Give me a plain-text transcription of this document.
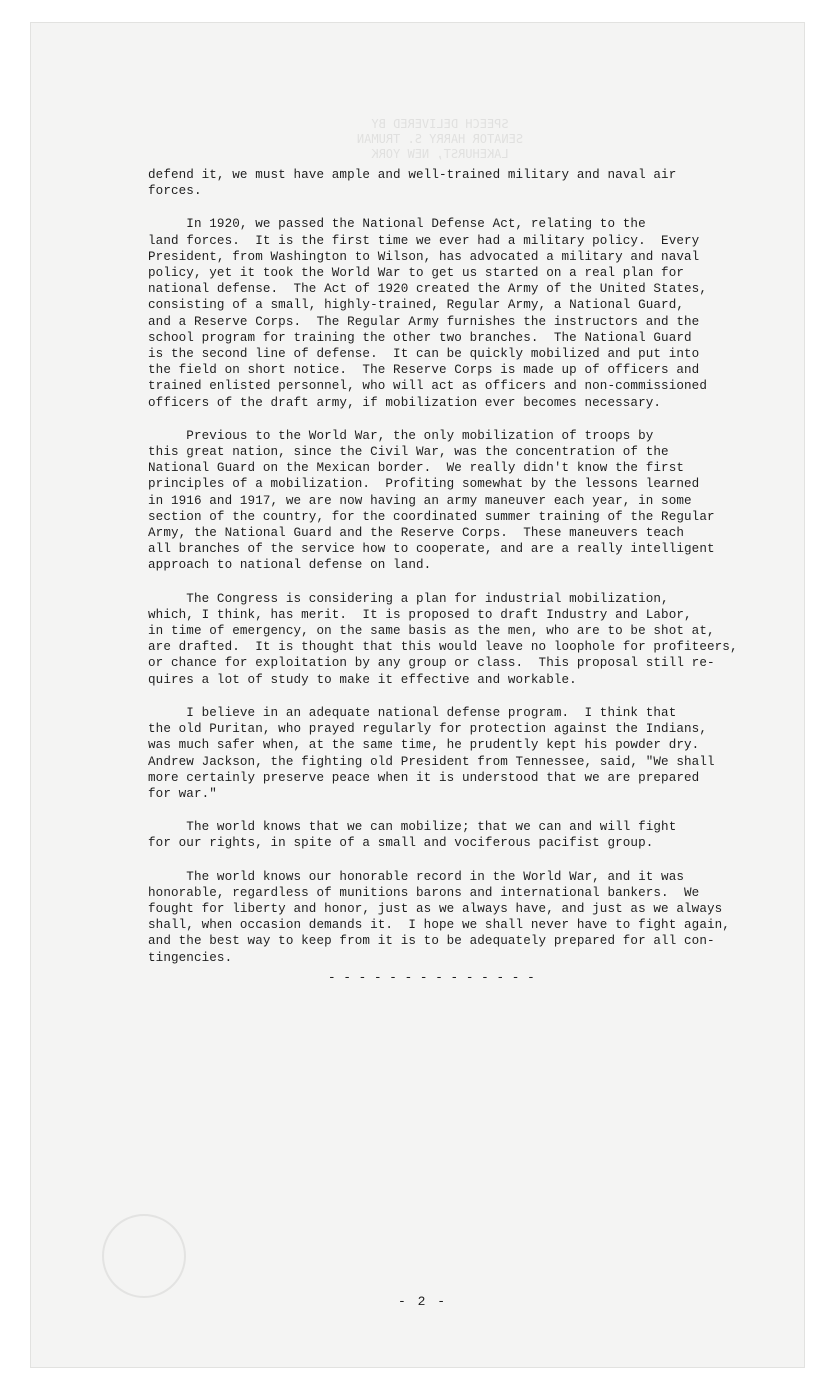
SPEECH DELIVERED BY
SENATOR HARRY S. TRUMAN
LAKEHURST, NEW YORK

defend it, we must have ample and well-trained military and naval air
forces.

In 1920, we passed the National Defense Act, relating to the
land forces.  It is the first time we ever had a military policy.  Every
President, from Washington to Wilson, has advocated a military and naval
policy, yet it took the World War to get us started on a real plan for
national defense.  The Act of 1920 created the Army of the United States,
consisting of a small, highly-trained, Regular Army, a National Guard,
and a Reserve Corps.  The Regular Army furnishes the instructors and the
school program for training the other two branches.  The National Guard
is the second line of defense.  It can be quickly mobilized and put into
the field on short notice.  The Reserve Corps is made up of officers and
trained enlisted personnel, who will act as officers and non-commissioned
officers of the draft army, if mobilization ever becomes necessary.

Previous to the World War, the only mobilization of troops by
this great nation, since the Civil War, was the concentration of the
National Guard on the Mexican border.  We really didn't know the first
principles of a mobilization.  Profiting somewhat by the lessons learned
in 1916 and 1917, we are now having an army maneuver each year, in some
section of the country, for the coordinated summer training of the Regular
Army, the National Guard and the Reserve Corps.  These maneuvers teach
all branches of the service how to cooperate, and are a really intelligent
approach to national defense on land.

The Congress is considering a plan for industrial mobilization,
which, I think, has merit.  It is proposed to draft Industry and Labor,
in time of emergency, on the same basis as the men, who are to be shot at,
are drafted.  It is thought that this would leave no loophole for profiteers,
or chance for exploitation by any group or class.  This proposal still re-
quires a lot of study to make it effective and workable.

I believe in an adequate national defense program.  I think that
the old Puritan, who prayed regularly for protection against the Indians,
was much safer when, at the same time, he prudently kept his powder dry.
Andrew Jackson, the fighting old President from Tennessee, said, "We shall
more certainly preserve peace when it is understood that we are prepared
for war."

The world knows that we can mobilize; that we can and will fight
for our rights, in spite of a small and vociferous pacifist group.

The world knows our honorable record in the World War, and it was
honorable, regardless of munitions barons and international bankers.  We
fought for liberty and honor, just as we always have, and just as we always
shall, when occasion demands it.  I hope we shall never have to fight again,
and the best way to keep from it is to be adequately prepared for all con-
tingencies.

- - - - - - - - - - - - - -
- 2 -
